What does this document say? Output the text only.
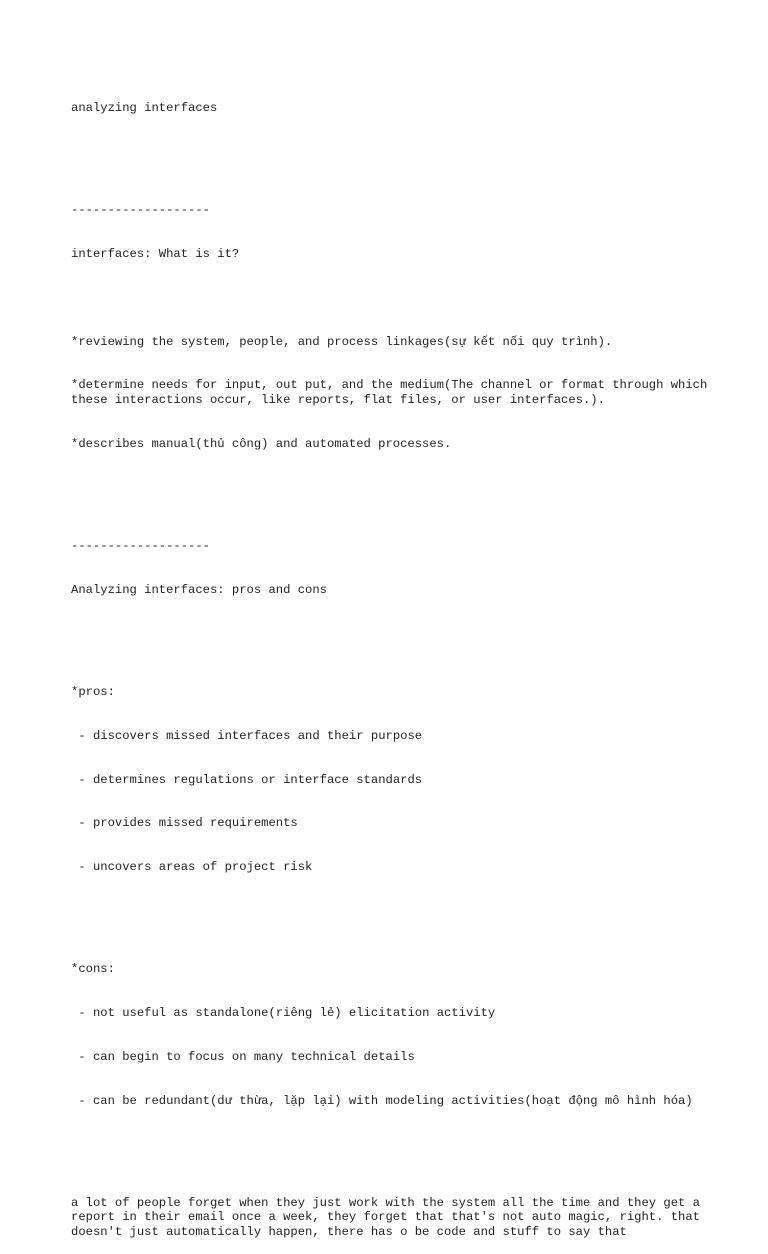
analyzing interfaces

-------------------

interfaces: What is it?

*reviewing the system, people, and process linkages(sự kết nối quy trình).

*determine needs for input, out put, and the medium(The channel or format through which these interactions occur, like reports, flat files, or user interfaces.).

*describes manual(thủ công) and automated processes.

-------------------

Analyzing interfaces: pros and cons

*pros:

- discovers missed interfaces and their purpose

- determines regulations or interface standards

- provides missed requirements

- uncovers areas of project risk

*cons:

- not useful as standalone(riêng lẻ) elicitation activity

- can begin to focus on many technical details

- can be redundant(dư thừa, lặp lại) with modeling activities(hoạt động mô hình hóa)

a lot of people forget when they just work with the system all the time and they get a report in their email once a week, they forget that that's not auto magic, right. that doesn't just automatically happen, there has o be code and stuff to say that
